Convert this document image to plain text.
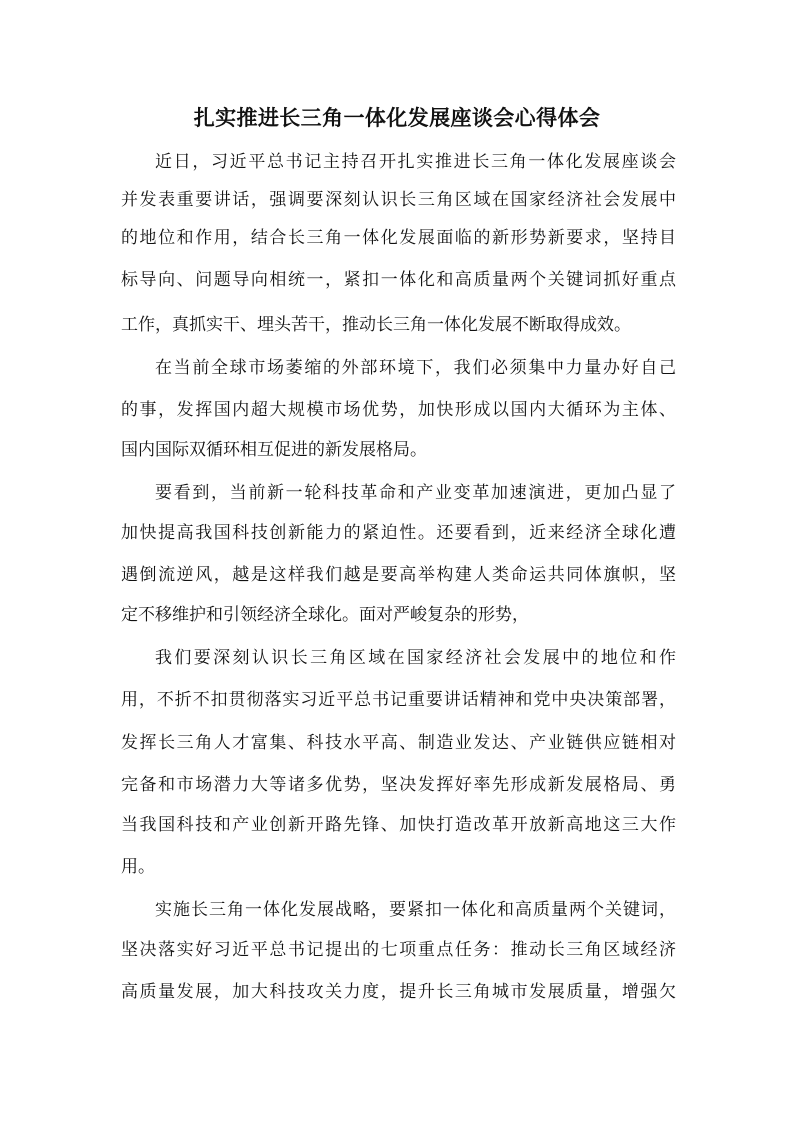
扎实推进长三角一体化发展座谈会心得体会
近日，习近平总书记主持召开扎实推进长三角一体化发展座谈会
并发表重要讲话，强调要深刻认识长三角区域在国家经济社会发展中
的地位和作用，结合长三角一体化发展面临的新形势新要求，坚持目
标导向、问题导向相统一，紧扣一体化和高质量两个关键词抓好重点
工作，真抓实干、埋头苦干，推动长三角一体化发展不断取得成效。
在当前全球市场萎缩的外部环境下，我们必须集中力量办好自己
的事，发挥国内超大规模市场优势，加快形成以国内大循环为主体、
国内国际双循环相互促进的新发展格局。
要看到，当前新一轮科技革命和产业变革加速演进，更加凸显了
加快提高我国科技创新能力的紧迫性。还要看到，近来经济全球化遭
遇倒流逆风，越是这样我们越是要高举构建人类命运共同体旗帜，坚
定不移维护和引领经济全球化。面对严峻复杂的形势，
我们要深刻认识长三角区域在国家经济社会发展中的地位和作
用，不折不扣贯彻落实习近平总书记重要讲话精神和党中央决策部署，
发挥长三角人才富集、科技水平高、制造业发达、产业链供应链相对
完备和市场潜力大等诸多优势，坚决发挥好率先形成新发展格局、勇
当我国科技和产业创新开路先锋、加快打造改革开放新高地这三大作
用。
实施长三角一体化发展战略，要紧扣一体化和高质量两个关键词，
坚决落实好习近平总书记提出的七项重点任务：推动长三角区域经济
高质量发展，加大科技攻关力度，提升长三角城市发展质量，增强欠
